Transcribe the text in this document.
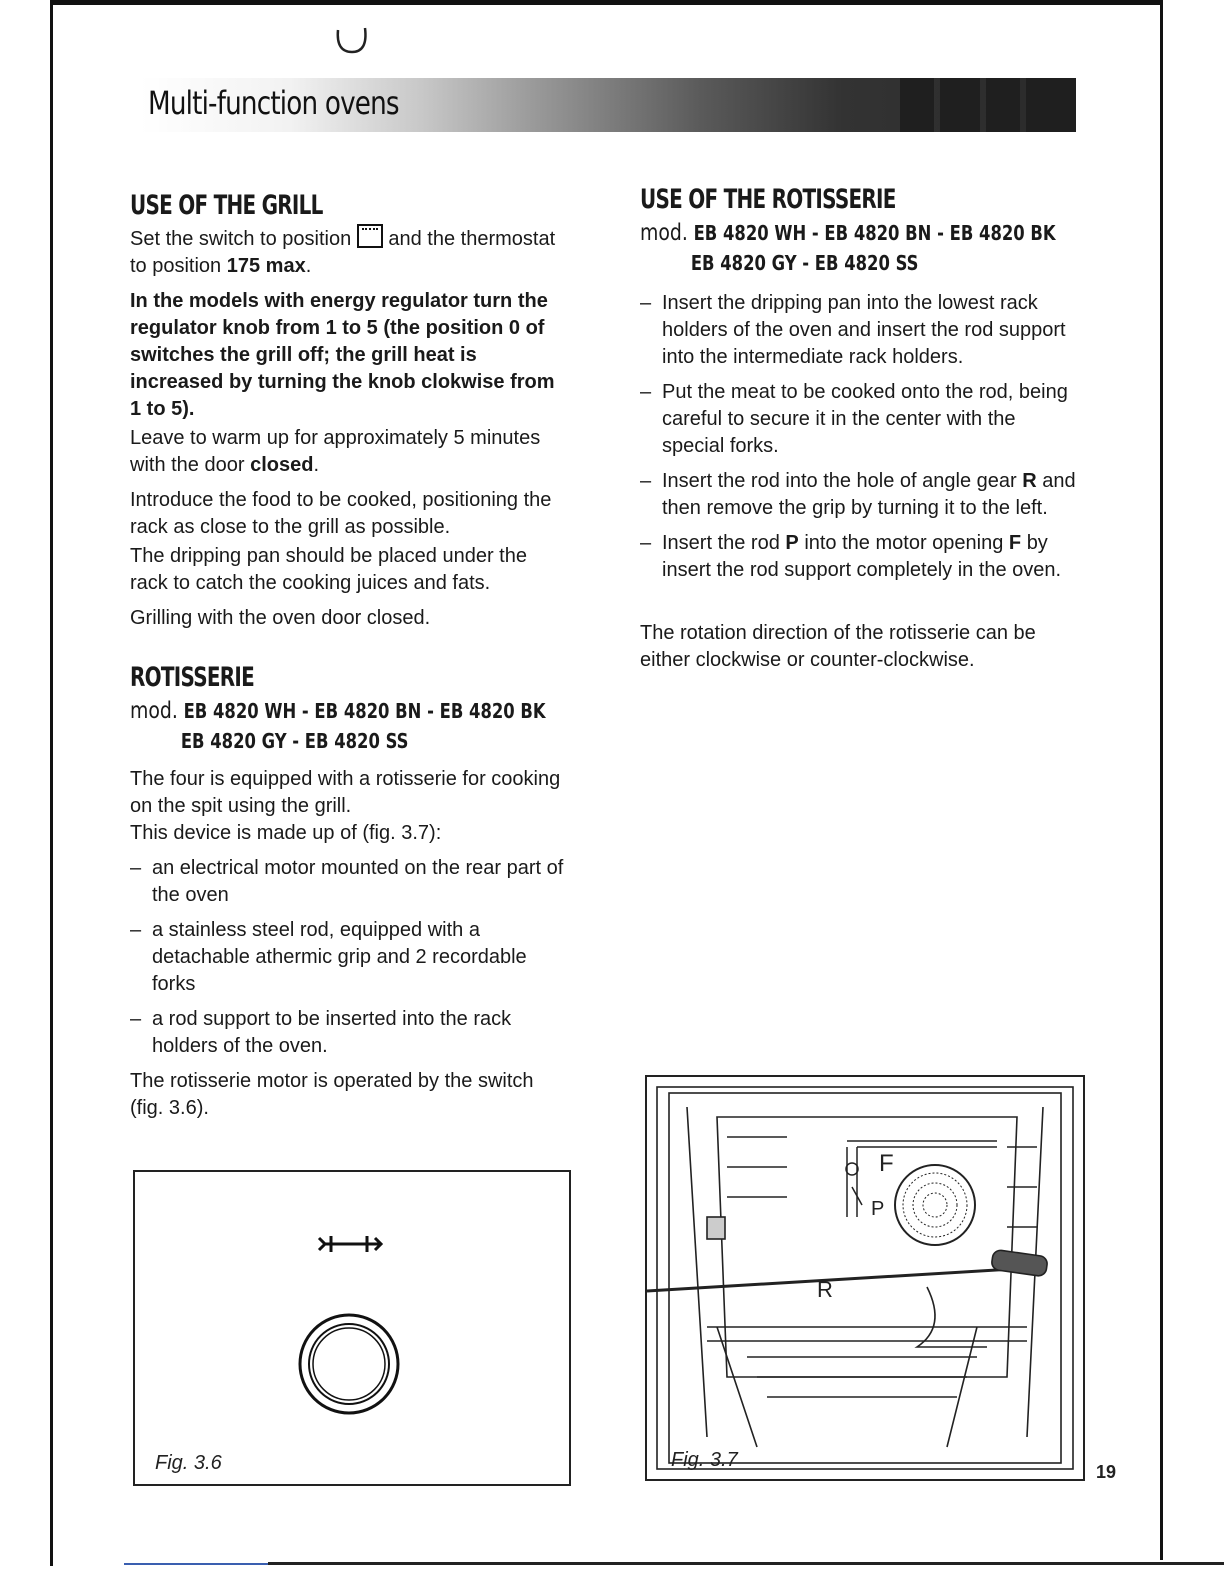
Multi-function ovens
USE OF THE GRILL

Set the switch to position and the thermostat to position 175 max.

In the models with energy regulator turn the regulator knob from 1 to 5 (the position 0 of switches the grill off; the grill heat is increased by turning the knob clokwise from 1 to 5).

Leave to warm up for approximately 5 minutes with the door closed.

Introduce the food to be cooked, positioning the rack as close to the grill as possible.

The dripping pan should be placed under the rack to catch the cooking juices and fats.

Grilling with the oven door closed.

ROTISSERIE
mod. EB 4820 WH - EB 4820 BN - EB 4820 BK
EB 4820 GY - EB 4820 SS

The four is equipped with a rotisserie for cooking on the spit using the grill.

This device is made up of (fig. 3.7):

– an electrical motor mounted on the rear part of the oven
– a stainless steel rod, equipped with a detachable athermic grip and 2 recordable forks
– a rod support to be inserted into the rack holders of the oven.

The rotisserie motor is operated by the switch (fig. 3.6).

Fig. 3.6
USE OF THE ROTISSERIE
mod. EB 4820 WH - EB 4820 BN - EB 4820 BK
EB 4820 GY - EB 4820 SS
– Insert the dripping pan into the lowest rack holders of the oven and insert the rod support into the intermediate rack holders.
– Put the meat to be cooked onto the rod, being careful to secure it in the center with the special forks.
– Insert the rod into the hole of angle gear R and then remove the grip by turning it to the left.
– Insert the rod P into the motor opening F by insert the rod support completely in the oven.

The rotation direction of the rotisserie can be either clockwise or counter-clockwise.

F
P
R
Fig. 3.7
19
